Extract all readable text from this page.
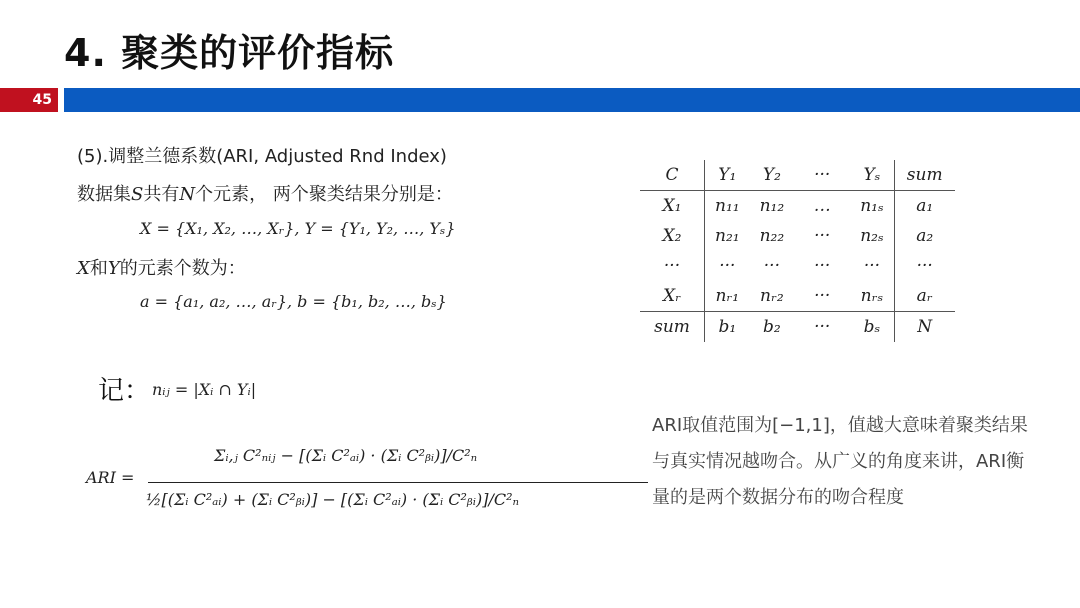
4. 聚类的评价指标
45
(5).调整兰德系数(ARI, Adjusted Rnd Index)
数据集S共有N个元素， 两个聚类结果分别是：
X = {X₁, X₂, …, Xᵣ}, Y = {Y₁, Y₂, …, Yₛ}
X和Y的元素个数为：
a = {a₁, a₂, …, aᵣ}, b = {b₁, b₂, …, bₛ}
记： nᵢⱼ = |Xᵢ ∩ Yᵢ|
ARI =
Σᵢ,ⱼ C²ₙᵢⱼ − [(Σᵢ C²ₐᵢ) · (Σᵢ C²ᵦᵢ)]/C²ₙ
½[(Σᵢ C²ₐᵢ) + (Σᵢ C²ᵦᵢ)] − [(Σᵢ C²ₐᵢ) · (Σᵢ C²ᵦᵢ)]/C²ₙ
C	Y₁	Y₂	···	Yₛ	sum
X₁	n₁₁	n₁₂	…	n₁ₛ	a₁
X₂	n₂₁	n₂₂	···	n₂ₛ	a₂
···	···	···	···	···	···
Xᵣ	nᵣ₁	nᵣ₂	···	nᵣₛ	aᵣ
sum	b₁	b₂	···	bₛ	N
ARI取值范围为[−1,1]，值越大意味着聚类结果与真实情况越吻合。从广义的角度来讲，ARI衡量的是两个数据分布的吻合程度
